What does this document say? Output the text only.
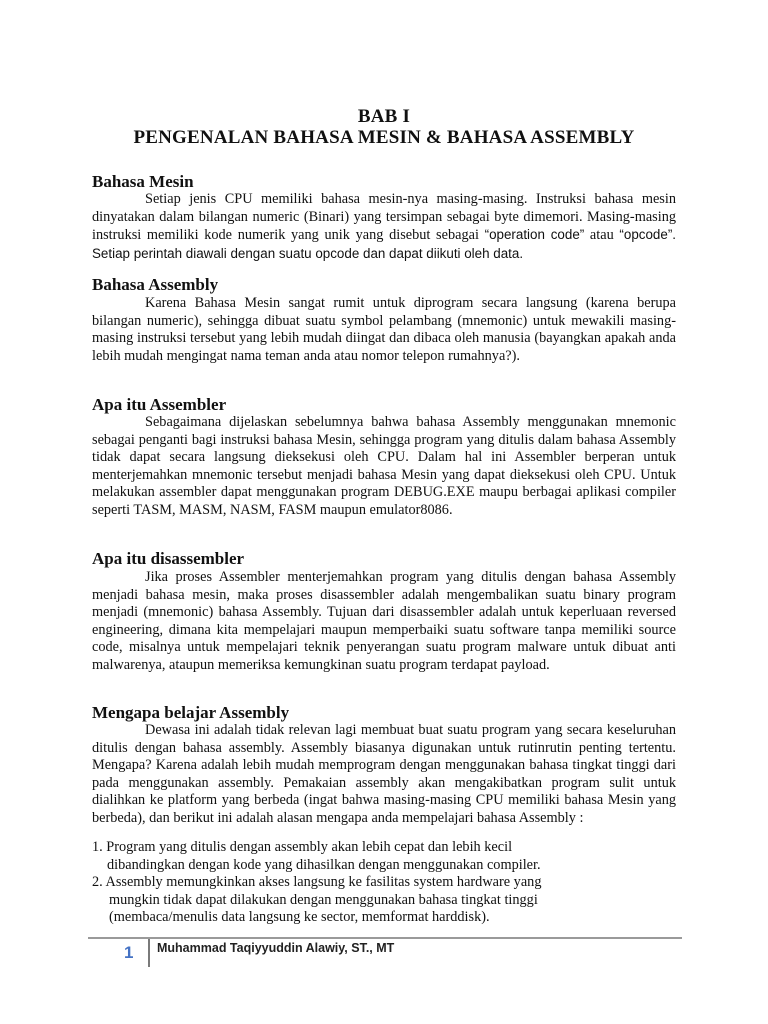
BAB I
PENGENALAN BAHASA MESIN & BAHASA ASSEMBLY
Bahasa Mesin

Setiap jenis CPU memiliki bahasa mesin-nya masing-masing. Instruksi bahasa mesin dinyatakan dalam bilangan numeric (Binari) yang tersimpan sebagai byte dimemori. Masing-masing instruksi memiliki kode numerik yang unik yang disebut sebagai “operation code” atau “opcode”. Setiap perintah diawali dengan suatu opcode dan dapat diikuti oleh data.

Bahasa Assembly

Karena Bahasa Mesin sangat rumit untuk diprogram secara langsung (karena berupa bilangan numeric), sehingga dibuat suatu symbol pelambang (mnemonic) untuk mewakili masing-masing instruksi tersebut yang lebih mudah diingat dan dibaca oleh manusia (bayangkan apakah anda lebih mudah mengingat nama teman anda atau nomor telepon rumahnya?).

Apa itu Assembler

Sebagaimana dijelaskan sebelumnya bahwa bahasa Assembly menggunakan mnemonic sebagai penganti bagi instruksi bahasa Mesin, sehingga program yang ditulis dalam bahasa Assembly tidak dapat secara langsung dieksekusi oleh CPU. Dalam hal ini Assembler berperan untuk menterjemahkan mnemonic tersebut menjadi bahasa Mesin yang dapat dieksekusi oleh CPU. Untuk melakukan assembler dapat menggunakan program DEBUG.EXE maupu berbagai aplikasi compiler seperti TASM, MASM, NASM, FASM maupun emulator8086.

Apa itu disassembler

Jika proses Assembler menterjemahkan program yang ditulis dengan bahasa Assembly menjadi bahasa mesin, maka proses disassembler adalah mengembalikan suatu binary program menjadi (mnemonic) bahasa Assembly. Tujuan dari disassembler adalah untuk keperluaan reversed engineering, dimana kita mempelajari maupun memperbaiki suatu software tanpa memiliki source code, misalnya untuk mempelajari teknik penyerangan suatu program malware untuk dibuat anti malwarenya, ataupun memeriksa kemungkinan suatu program terdapat payload.

Mengapa belajar Assembly

Dewasa ini adalah tidak relevan lagi membuat buat suatu program yang secara keseluruhan ditulis dengan bahasa assembly. Assembly biasanya digunakan untuk rutinrutin penting tertentu. Mengapa? Karena adalah lebih mudah memprogram dengan menggunakan bahasa tingkat tinggi dari pada menggunakan assembly. Pemakaian assembly akan mengakibatkan program sulit untuk dialihkan ke platform yang berbeda (ingat bahwa masing-masing CPU memiliki bahasa Mesin yang berbeda), dan berikut ini adalah alasan mengapa anda mempelajari bahasa Assembly :

1. Program yang ditulis dengan assembly akan lebih cepat dan lebih kecil
dibandingkan dengan kode yang dihasilkan dengan menggunakan compiler.
2. Assembly memungkinkan akses langsung ke fasilitas system hardware yang
mungkin tidak dapat dilakukan dengan menggunakan bahasa tingkat tinggi
(membaca/menulis data langsung ke sector, memformat harddisk).
1 Muhammad Taqiyyuddin Alawiy, ST., MT
